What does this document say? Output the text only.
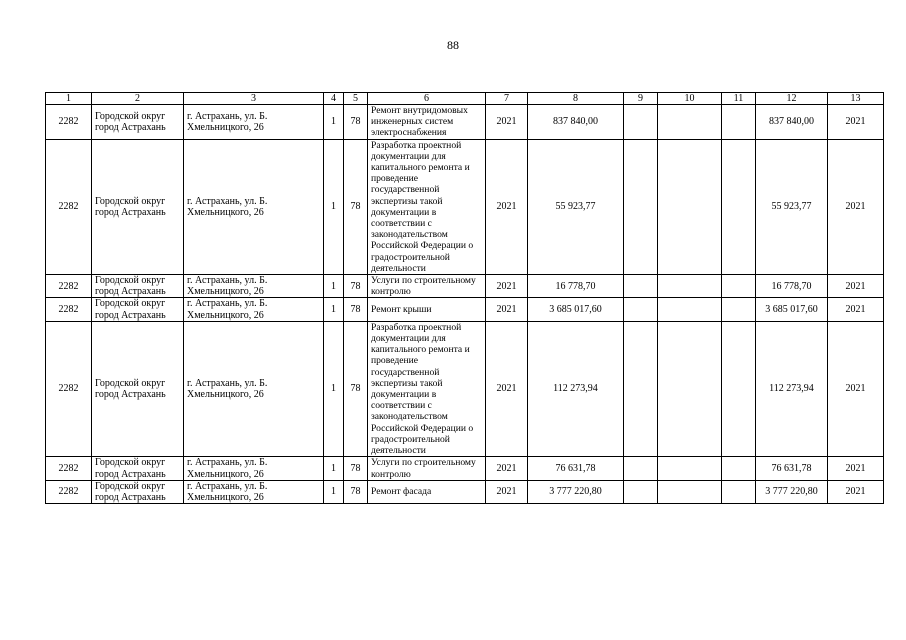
88
1	2	3	4	5	6	7	8	9	10	11	12	13
2282	Городской округ город Астрахань	г. Астрахань, ул. Б. Хмельницкого, 26	1	78	Ремонт внутридомовых инженерных систем электроснабжения	2021	837 840,00				837 840,00	2021
2282	Городской округ город Астрахань	г. Астрахань, ул. Б. Хмельницкого, 26	1	78	Разработка проектной документации для капитального ремонта и проведение государственной экспертизы такой документации в соответствии с законодательством Российской Федерации о градостроительной деятельности	2021	55 923,77				55 923,77	2021
2282	Городской округ город Астрахань	г. Астрахань, ул. Б. Хмельницкого, 26	1	78	Услуги по строительному контролю	2021	16 778,70				16 778,70	2021
2282	Городской округ город Астрахань	г. Астрахань, ул. Б. Хмельницкого, 26	1	78	Ремонт крыши	2021	3 685 017,60				3 685 017,60	2021
2282	Городской округ город Астрахань	г. Астрахань, ул. Б. Хмельницкого, 26	1	78	Разработка проектной документации для капитального ремонта и проведение государственной экспертизы такой документации в соответствии с законодательством Российской Федерации о градостроительной деятельности	2021	112 273,94				112 273,94	2021
2282	Городской округ город Астрахань	г. Астрахань, ул. Б. Хмельницкого, 26	1	78	Услуги по строительному контролю	2021	76 631,78				76 631,78	2021
2282	Городской округ город Астрахань	г. Астрахань, ул. Б. Хмельницкого, 26	1	78	Ремонт фасада	2021	3 777 220,80				3 777 220,80	2021
